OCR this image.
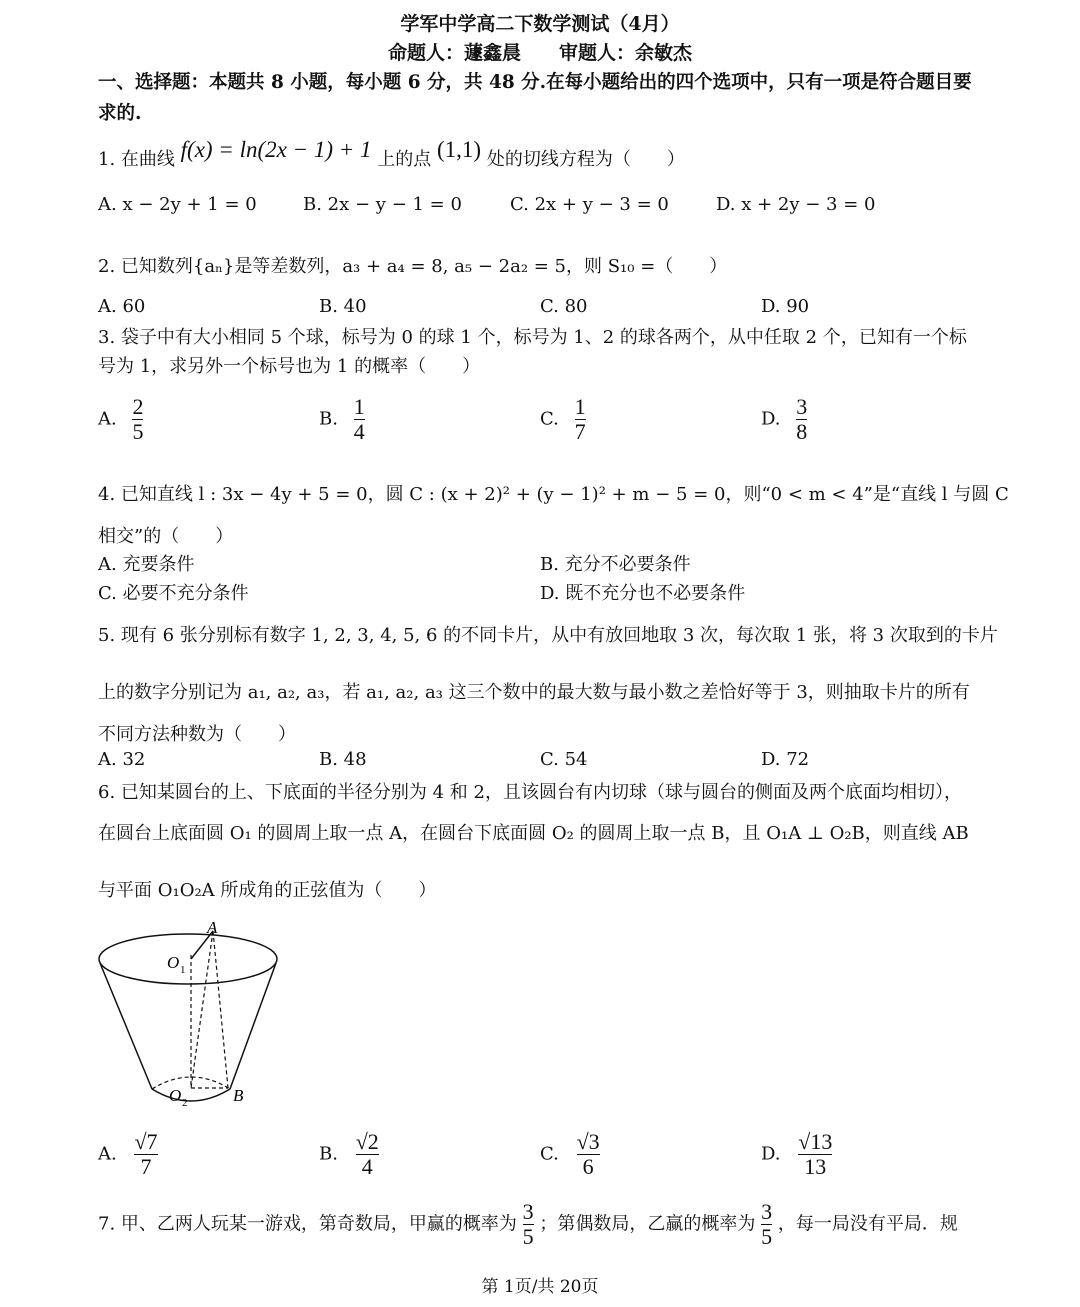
学军中学高二下数学测试（4月）
命题人：蘧鑫晨　　审题人：余敏杰
一、选择题：本题共 8 小题，每小题 6 分，共 48 分.在每小题给出的四个选项中，只有一项是符合题目要求的.
1. 在曲线 f(x) = ln(2x − 1) + 1 上的点 (1,1) 处的切线方程为（　　）
A. x − 2y + 1 = 0	B. 2x − y − 1 = 0	C. 2x + y − 3 = 0	D. x + 2y − 3 = 0
2. 已知数列{aₙ}是等差数列，a₃ + a₄ = 8, a₅ − 2a₂ = 5，则 S₁₀ =（　　）
A. 60	B. 40	C. 80	D. 90
3. 袋子中有大小相同 5 个球，标号为 0 的球 1 个，标号为 1、2 的球各两个，从中任取 2 个，已知有一个标
号为 1，求另外一个标号也为 1 的概率（　　）
A. $\frac{2}{5}$	B. $\frac{1}{4}$	C. $\frac{1}{7}$	D. $\frac{3}{8}$
4. 已知直线 l : 3x − 4y + 5 = 0，圆 C : (x + 2)² + (y − 1)² + m − 5 = 0，则“0 < m < 4”是“直线 l 与圆 C
相交”的（　　）
A. 充要条件	B. 充分不必要条件
C. 必要不充分条件	D. 既不充分也不必要条件
5. 现有 6 张分别标有数字 1, 2, 3, 4, 5, 6 的不同卡片，从中有放回地取 3 次，每次取 1 张，将 3 次取到的卡片
上的数字分别记为 a₁, a₂, a₃，若 a₁, a₂, a₃ 这三个数中的最大数与最小数之差恰好等于 3，则抽取卡片的所有
不同方法种数为（　　）
A. 32	B. 48	C. 54	D. 72
6. 已知某圆台的上、下底面的半径分别为 4 和 2，且该圆台有内切球（球与圆台的侧面及两个底面均相切），
在圆台上底面圆 O₁ 的圆周上取一点 A，在圆台下底面圆 O₂ 的圆周上取一点 B，且 O₁A ⊥ O₂B，则直线 AB
与平面 O₁O₂A 所成角的正弦值为（　　）
A
O 1
O 2	B
A. $\frac{√7}{7}$	B. $\frac{√2}{4}$	C. $\frac{√3}{6}$	D. $\frac{√13}{13}$
7. 甲、乙两人玩某一游戏，第奇数局，甲赢的概率为 $\frac{3}{5}$ ；第偶数局，乙赢的概率为 $\frac{3}{5}$ ，每一局没有平局．规
第 1页/共 20页
